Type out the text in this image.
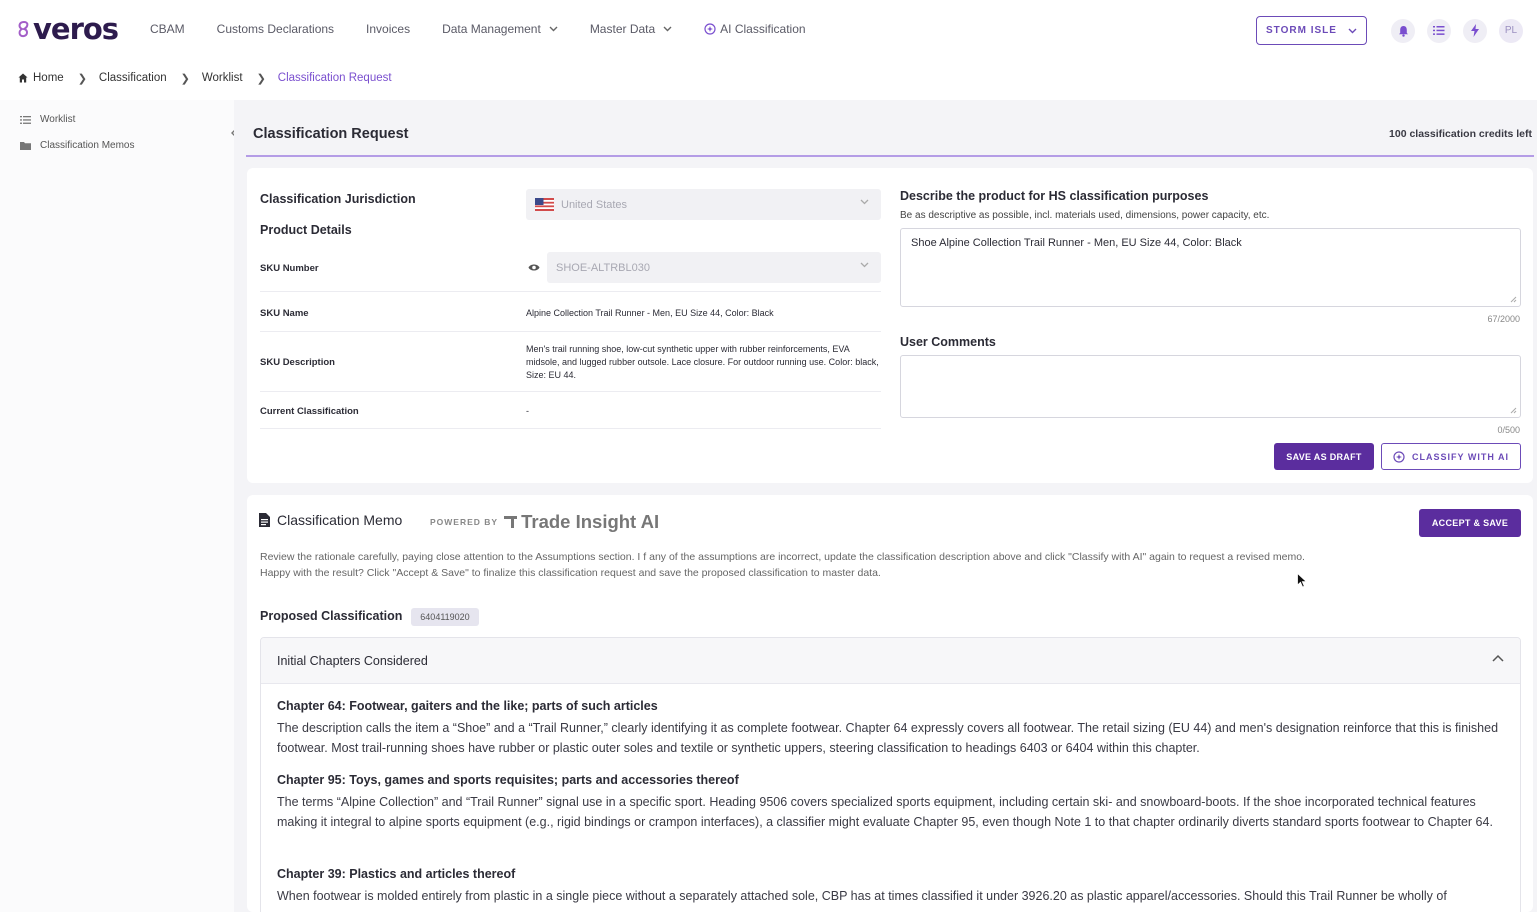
veros	CBAM	Customs Declarations	Invoices	Data Management	Master Data	AI Classification	STORM ISLE	PL
Home ❯ Classification ❯ Worklist ❯ Classification Request
Worklist
Classification Memos
Classification Request	100 classification credits left
Classification Jurisdiction	United States
Product Details
SKU Number	SHOE-ALTRBL030
SKU Name	Alpine Collection Trail Runner - Men, EU Size 44, Color: Black
SKU Description
Men's trail running shoe, low-cut synthetic upper with rubber reinforcements, EVA midsole, and lugged rubber outsole. Lace closure. For outdoor running use. Color: black, Size: EU 44.
Current Classification	-
Describe the product for HS classification purposes
Be as descriptive as possible, incl. materials used, dimensions, power capacity, etc.
Shoe Alpine Collection Trail Runner - Men, EU Size 44, Color: Black
67/2000
User Comments
0/500
SAVE AS DRAFT	CLASSIFY WITH AI
Classification Memo	POWERED BY Trade Insight AI	ACCEPT & SAVE
Review the rationale carefully, paying close attention to the Assumptions section. I f any of the assumptions are incorrect, update the classification description above and click "Classify with AI" again to request a revised memo.
Happy with the result? Click "Accept & Save" to finalize this classification request and save the proposed classification to master data.
Proposed Classification	6404119020
Initial Chapters Considered
Chapter 64: Footwear, gaiters and the like; parts of such articles
The description calls the item a “Shoe” and a “Trail Runner,” clearly identifying it as complete footwear. Chapter 64 expressly covers all footwear. The retail sizing (EU 44) and men's designation reinforce that this is finished footwear. Most trail-running shoes have rubber or plastic outer soles and textile or synthetic uppers, steering classification to headings 6403 or 6404 within this chapter.
Chapter 95: Toys, games and sports requisites; parts and accessories thereof
The terms “Alpine Collection” and “Trail Runner” signal use in a specific sport. Heading 9506 covers specialized sports equipment, including certain ski- and snowboard-boots. If the shoe incorporated technical features making it integral to alpine sports equipment (e.g., rigid bindings or crampon interfaces), a classifier might evaluate Chapter 95, even though Note 1 to that chapter ordinarily diverts standard sports footwear to Chapter 64.
Chapter 39: Plastics and articles thereof
When footwear is molded entirely from plastic in a single piece without a separately attached sole, CBP has at times classified it under 3926.20 as plastic apparel/accessories. Should this Trail Runner be wholly of
